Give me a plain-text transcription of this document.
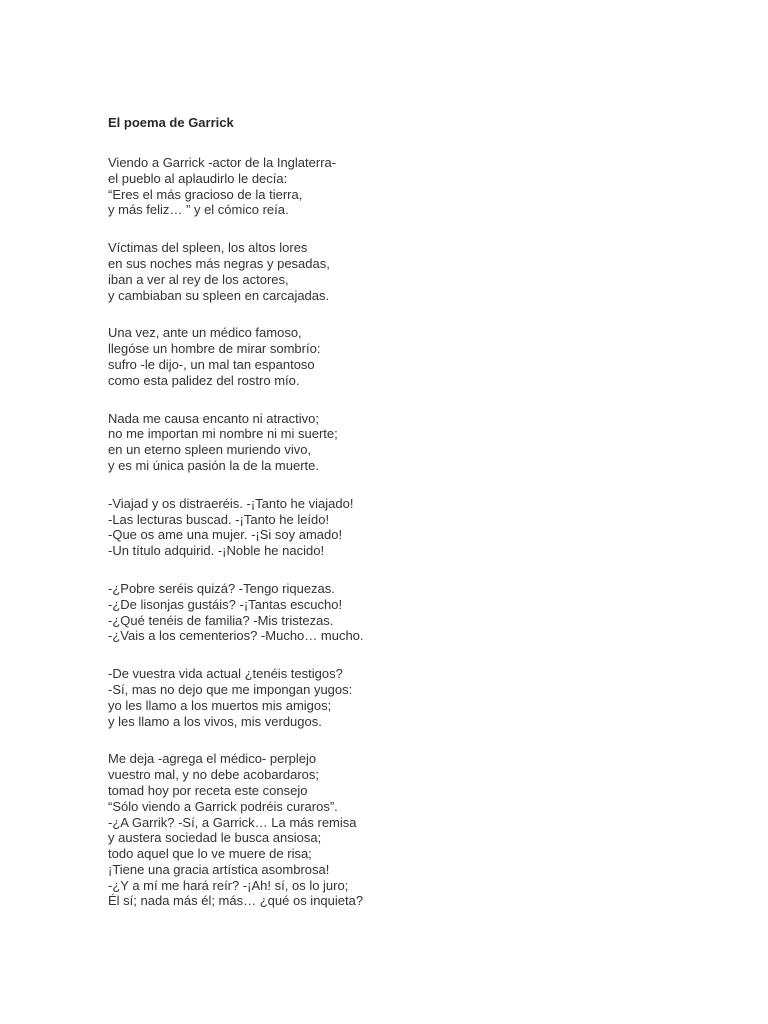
El poema de Garrick
Viendo a Garrick -actor de la Inglaterra-
el pueblo al aplaudirlo le decía:
“Eres el más gracioso de la tierra,
y más feliz… ” y el cómico reía.
Víctimas del spleen, los altos lores
en sus noches más negras y pesadas,
iban a ver al rey de los actores,
y cambiaban su spleen en carcajadas.
Una vez, ante un médico famoso,
llegóse un hombre de mirar sombrío:
sufro -le dijo-, un mal tan espantoso
como esta palidez del rostro mío.
Nada me causa encanto ni atractivo;
no me importan mi nombre ni mi suerte;
en un eterno spleen muriendo vivo,
y es mi única pasión la de la muerte.
-Viajad y os distraeréis. -¡Tanto he viajado!
-Las lecturas buscad. -¡Tanto he leído!
-Que os ame una mujer. -¡Si soy amado!
-Un título adquirid. -¡Noble he nacido!
-¿Pobre seréis quizá? -Tengo riquezas.
-¿De lisonjas gustáis? -¡Tantas escucho!
-¿Qué tenéis de familia? -Mis tristezas.
-¿Vais a los cementerios? -Mucho… mucho.
-De vuestra vida actual ¿tenéis testigos?
-Sí, mas no dejo que me impongan yugos:
yo les llamo a los muertos mis amigos;
y les llamo a los vivos, mis verdugos.
Me deja -agrega el médico- perplejo
vuestro mal, y no debe acobardaros;
tomad hoy por receta este consejo
“Sólo viendo a Garrick podréis curaros”.
-¿A Garrik? -Sí, a Garrick… La más remisa
y austera sociedad le busca ansiosa;
todo aquel que lo ve muere de risa;
¡Tiene una gracia artística asombrosa!
-¿Y a mí me hará reír? -¡Ah! sí, os lo juro;
Él sí; nada más él; más… ¿qué os inquieta?
